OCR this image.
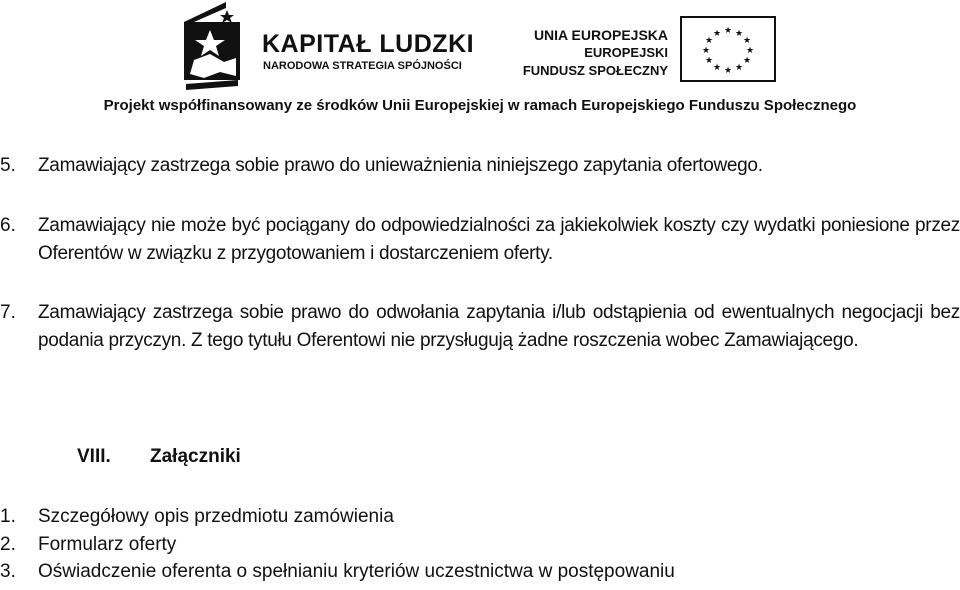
KAPITAŁ LUDZKI
NARODOWA STRATEGIA SPÓJNOŚCI
UNIA EUROPEJSKA
EUROPEJSKI
FUNDUSZ SPOŁECZNY
★ ★
★
★
★
★
★
★
★
★
★
★
Projekt współfinansowany ze środków Unii Europejskiej w ramach Europejskiego Funduszu Społecznego
5. Zamawiający zastrzega sobie prawo do unieważnienia niniejszego zapytania ofertowego.
6. Zamawiający nie może być pociągany do odpowiedzialności za jakiekolwiek koszty czy wydatki poniesione przez Oferentów w związku z przygotowaniem i dostarczeniem oferty.
7. Zamawiający zastrzega sobie prawo do odwołania zapytania i/lub odstąpienia od ewentualnych negocjacji bez podania przyczyn. Z tego tytułu Oferentowi nie przysługują żadne roszczenia wobec Zamawiającego.
VIII. Załączniki
1. Szczegółowy opis przedmiotu zamówienia
2. Formularz oferty
3. Oświadczenie oferenta o spełnianiu kryteriów uczestnictwa w postępowaniu
